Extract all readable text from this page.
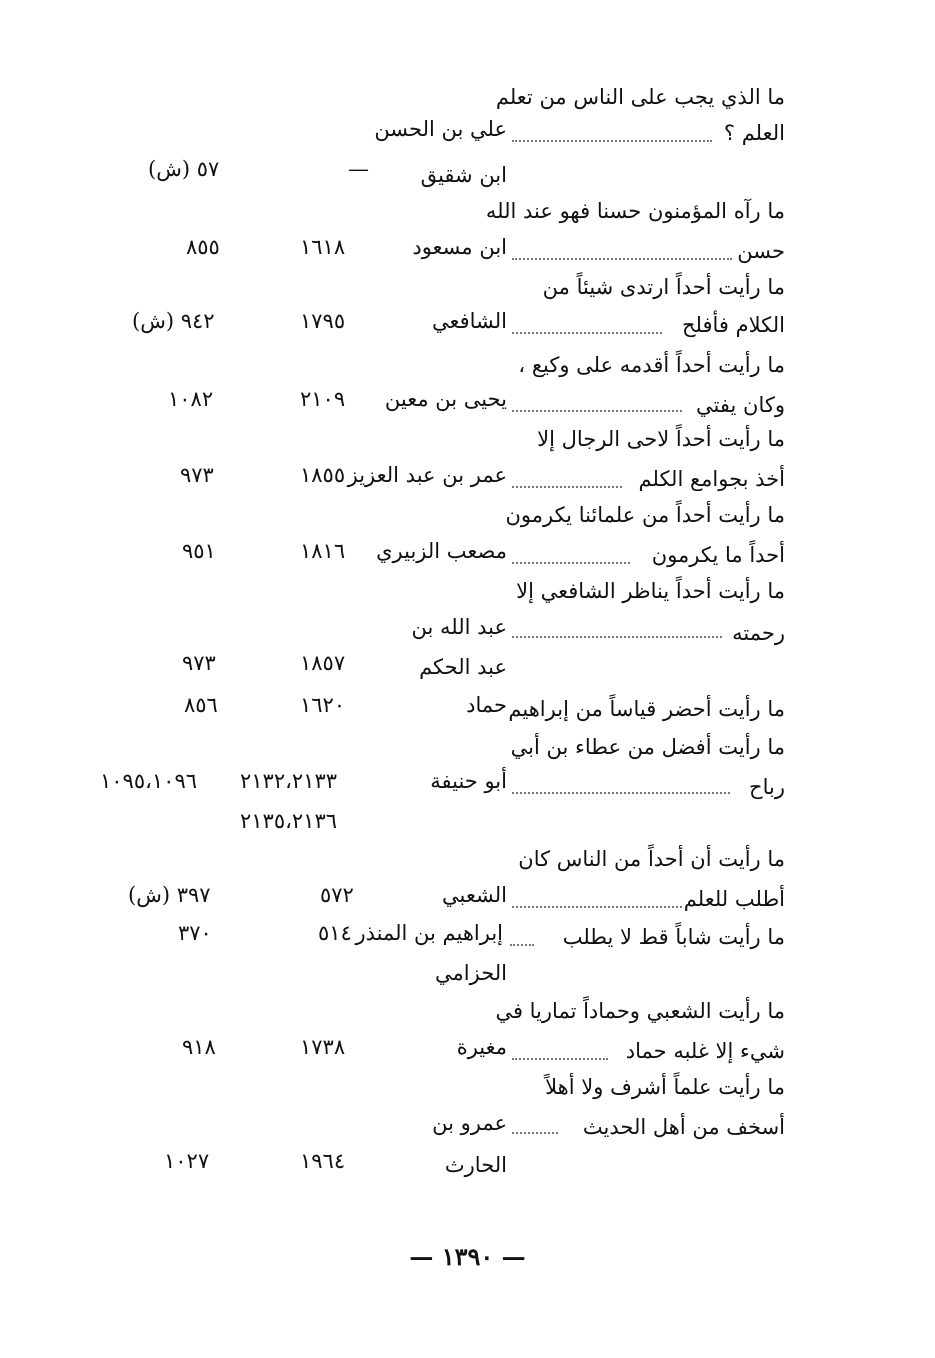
ما الذي يجب على الناس من تعلم
العلم ؟
علي بن الحسن
ابن شقيق
—
٥٧ (ش)
ما رآه المؤمنون حسنا فهو عند الله
حسن
ابن مسعود
١٦١٨
٨٥٥
ما رأيت أحداً ارتدى شيئاً من
الكلام فأفلح
الشافعي
١٧٩٥
٩٤٢ (ش)
ما رأيت أحداً أقدمه على وكيع ،
وكان يفتي
يحيى بن معين
٢١٠٩
١٠٨٢
ما رأيت أحداً لاحى الرجال إلا
أخذ بجوامع الكلم
عمر بن عبد العزيز
١٨٥٥
٩٧٣
ما رأيت أحداً من علمائنا يكرمون
أحداً ما يكرمون
مصعب الزبيري
١٨١٦
٩٥١
ما رأيت أحداً يناظر الشافعي إلا
رحمته
عبد الله بن
عبد الحكم
١٨٥٧
٩٧٣
ما رأيت أحضر قياساً من إبراهيم
حماد
١٦٢٠
٨٥٦
ما رأيت أفضل من عطاء بن أبي
رباح
أبو حنيفة
٢١٣٢،٢١٣٣
١٠٩٥،١٠٩٦
٢١٣٥،٢١٣٦
ما رأيت أن أحداً من الناس كان
أطلب للعلم
الشعبي
٥٧٢
٣٩٧ (ش)
ما رأيت شاباً قط لا يطلب
إبراهيم بن المنذر
٥١٤
٣٧٠
الحزامي
ما رأيت الشعبي وحماداً تماريا في
شيء إلا غلبه حماد
مغيرة
١٧٣٨
٩١٨
ما رأيت علماً أشرف ولا أهلاً
أسخف من أهل الحديث
عمرو بن
الحارث
١٩٦٤
١٠٢٧
— ١٣٩٠ —
